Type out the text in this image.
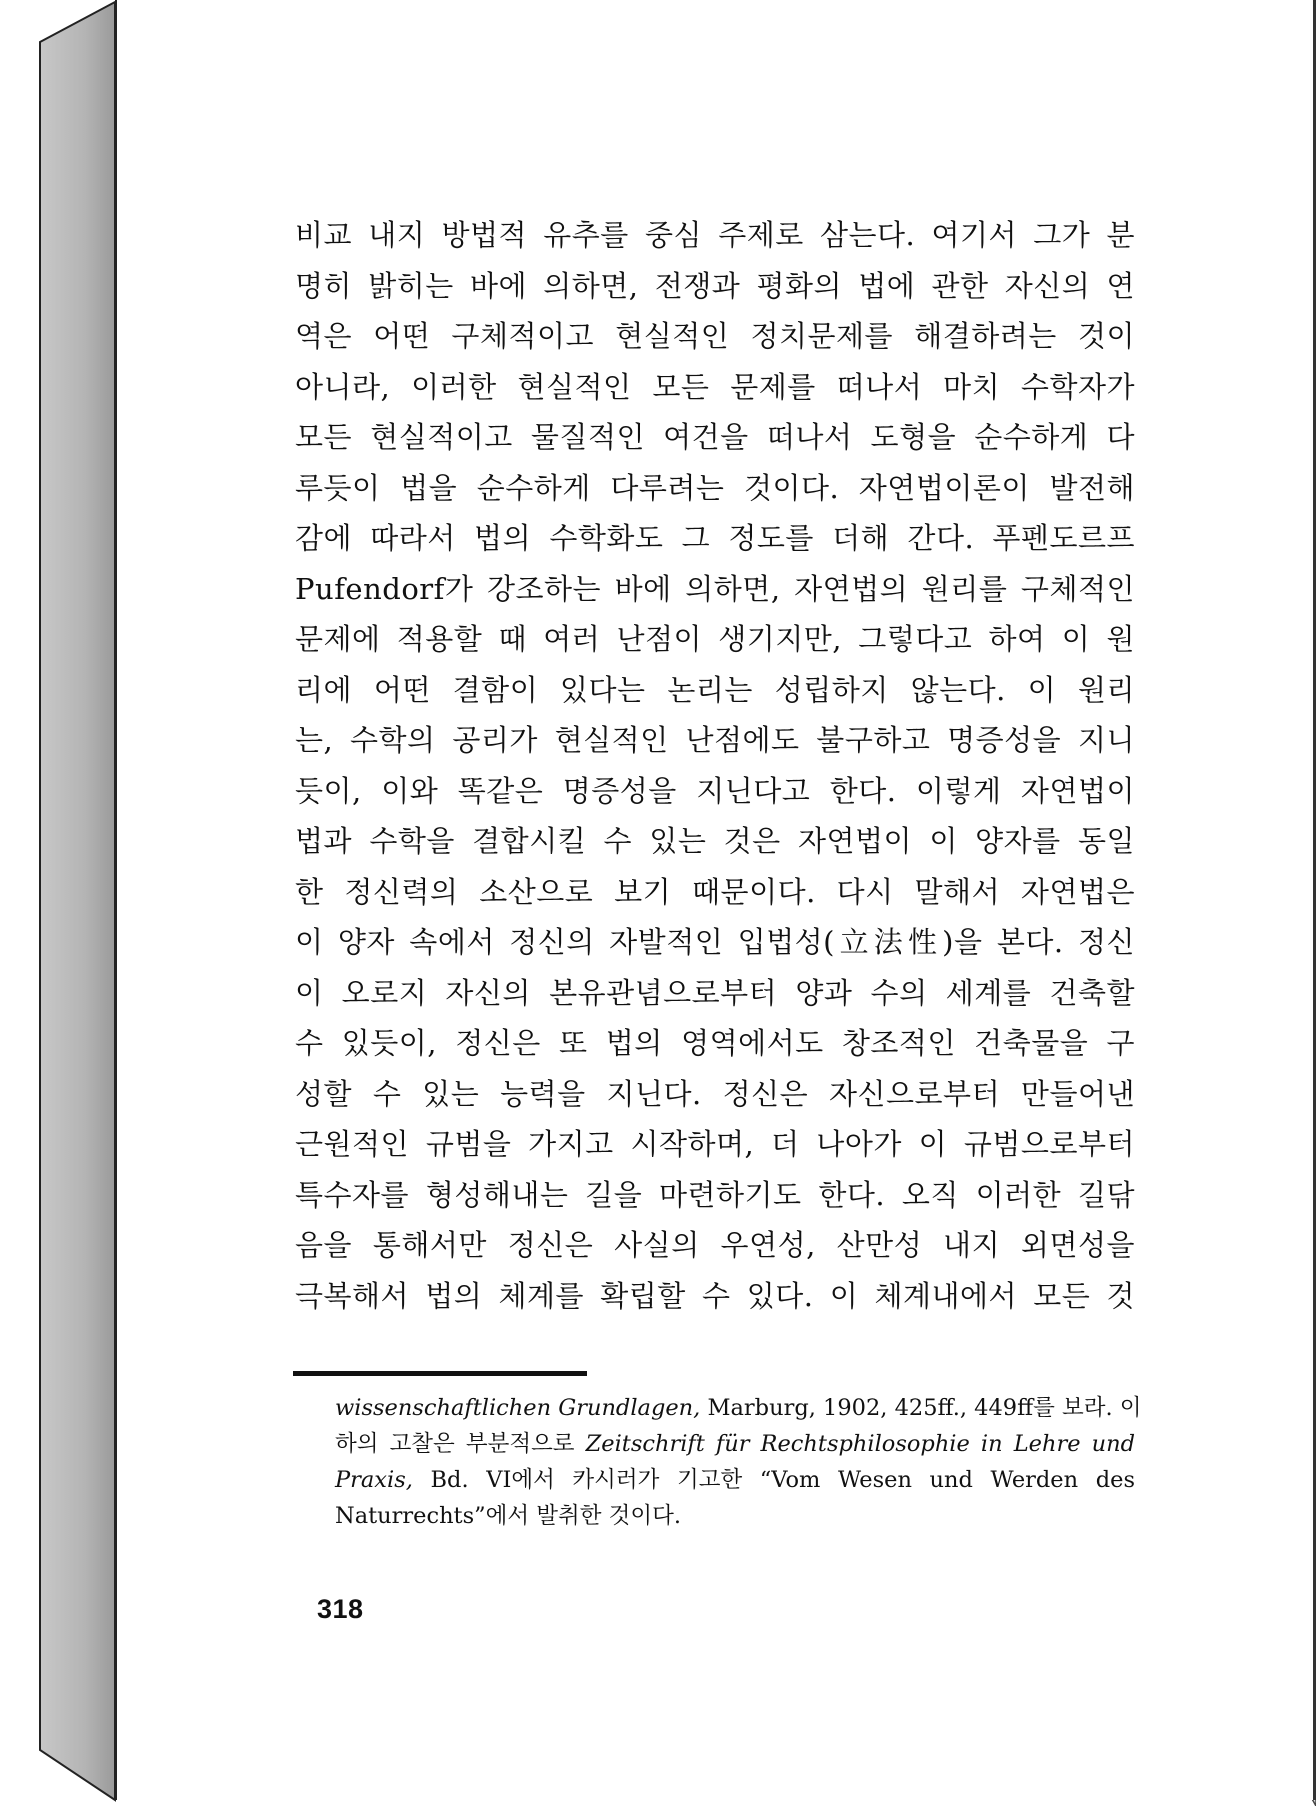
비교 내지 방법적 유추를 중심 주제로 삼는다. 여기서 그가 분
명히 밝히는 바에 의하면, 전쟁과 평화의 법에 관한 자신의 연
역은 어떤 구체적이고 현실적인 정치문제를 해결하려는 것이
아니라, 이러한 현실적인 모든 문제를 떠나서 마치 수학자가
모든 현실적이고 물질적인 여건을 떠나서 도형을 순수하게 다
루듯이 법을 순수하게 다루려는 것이다. 자연법이론이 발전해
감에 따라서 법의 수학화도 그 정도를 더해 간다. 푸펜도르프
Pufendorf가 강조하는 바에 의하면, 자연법의 원리를 구체적인
문제에 적용할 때 여러 난점이 생기지만, 그렇다고 하여 이 원
리에 어떤 결함이 있다는 논리는 성립하지 않는다. 이 원리
는, 수학의 공리가 현실적인 난점에도 불구하고 명증성을 지니
듯이, 이와 똑같은 명증성을 지닌다고 한다. 이렇게 자연법이
법과 수학을 결합시킬 수 있는 것은 자연법이 이 양자를 동일
한 정신력의 소산으로 보기 때문이다. 다시 말해서 자연법은
이 양자 속에서 정신의 자발적인 입법성(立法性)을 본다. 정신
이 오로지 자신의 본유관념으로부터 양과 수의 세계를 건축할
수 있듯이, 정신은 또 법의 영역에서도 창조적인 건축물을 구
성할 수 있는 능력을 지닌다. 정신은 자신으로부터 만들어낸
근원적인 규범을 가지고 시작하며, 더 나아가 이 규범으로부터
특수자를 형성해내는 길을 마련하기도 한다. 오직 이러한 길닦
음을 통해서만 정신은 사실의 우연성, 산만성 내지 외면성을
극복해서 법의 체계를 확립할 수 있다. 이 체계내에서 모든 것
wissenschaftlichen Grundlagen, Marburg, 1902, 425ff., 449ff를 보라. 이
하의 고찰은 부분적으로 Zeitschrift für Rechtsphilosophie in Lehre und
Praxis, Bd. VI에서 카시러가 기고한 “Vom Wesen und Werden des
Naturrechts”에서 발취한 것이다.
318
